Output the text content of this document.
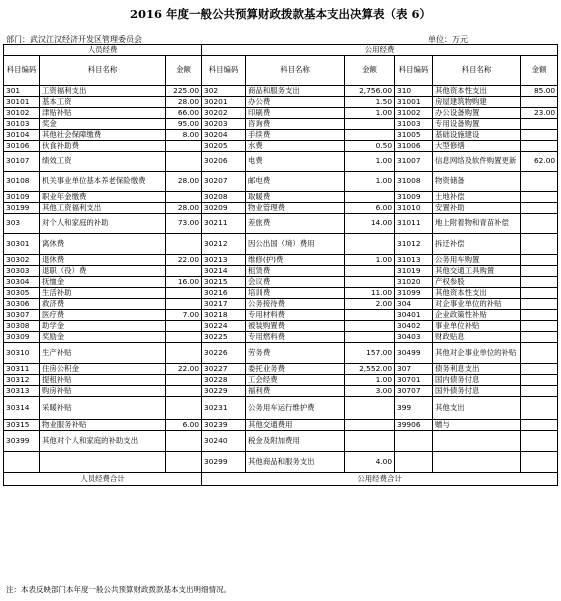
2016 年度一般公共预算财政拨款基本支出决算表（表 6）
部门：武汉江汉经济开发区管理委员会	单位：万元
人员经费			公用经费					
科目编码	科目名称	金额	科目编码	科目名称	金额	科目编码	科目名称	金额
301	工资福利支出	225.00	302	商品和服务支出	2,756.00	310	其他资本性支出	85.00
30101	基本工资	28.00	30201	办公费	1.50	31001	房屋建筑物购建	
30102	津贴补贴	66.00	30202	印刷费	1.00	31002	办公设备购置	23.00
30103	奖金	95.00	30203	咨询费		31003	专用设备购置	
30104	其他社会保障缴费	8.00	30204	手续费		31005	基础设施建设	
30106	伙食补助费		30205	水费	0.50	31006	大型修缮	
30107	绩效工资		30206	电费	1.00	31007	信息网络及软件购置更新	62.00
30108	机关事业单位基本养老保险缴费	28.00	30207	邮电费	1.00	31008	物资储备	
30109	职业年金缴费		30208	取暖费		31009	土地补偿	
30199	其他工资福利支出	28.00	30209	物业管理费	6.00	31010	安置补助	
303	对个人和家庭的补助	73.00	30211	差旅费	14.00	31011	地上附着物和青苗补偿	
30301	离休费		30212	因公出国（境）费用		31012	拆迁补偿	
30302	退休费	22.00	30213	维修(护)费	1.00	31013	公务用车购置	
30303	退职（役）费		30214	租赁费		31019	其他交通工具购置	
30304	抚恤金	16.00	30215	会议费		31020	产权参股	
30305	生活补助		30216	培训费	11.00	31099	其他资本性支出	
30306	救济费		30217	公务接待费	2.00	304	对企事业单位的补贴	
30307	医疗费	7.00	30218	专用材料费		30401	企业政策性补贴	
30308	助学金		30224	被装购置费		30402	事业单位补贴	
30309	奖励金		30225	专用燃料费		30403	财政贴息	
30310	生产补贴		30226	劳务费	157.00	30499	其他对企事业单位的补贴	
30311	住房公积金	22.00	30227	委托业务费	2,552.00	307	债务利息支出	
30312	提租补贴		30228	工会经费	1.00	30701	国内债务付息	
30313	购房补贴		30229	福利费	3.00	30707	国外债务付息	
30314	采暖补贴		30231	公务用车运行维护费		399	其他支出	
30315	物业服务补贴	6.00	30239	其他交通费用		39906	赠与	
30399	其他对个人和家庭的补助支出		30240	税金及附加费用				
			30299	其他商品和服务支出	4.00			
人员经费合计			公用经费合计					
注：本表反映部门本年度一般公共预算财政拨款基本支出明细情况。
